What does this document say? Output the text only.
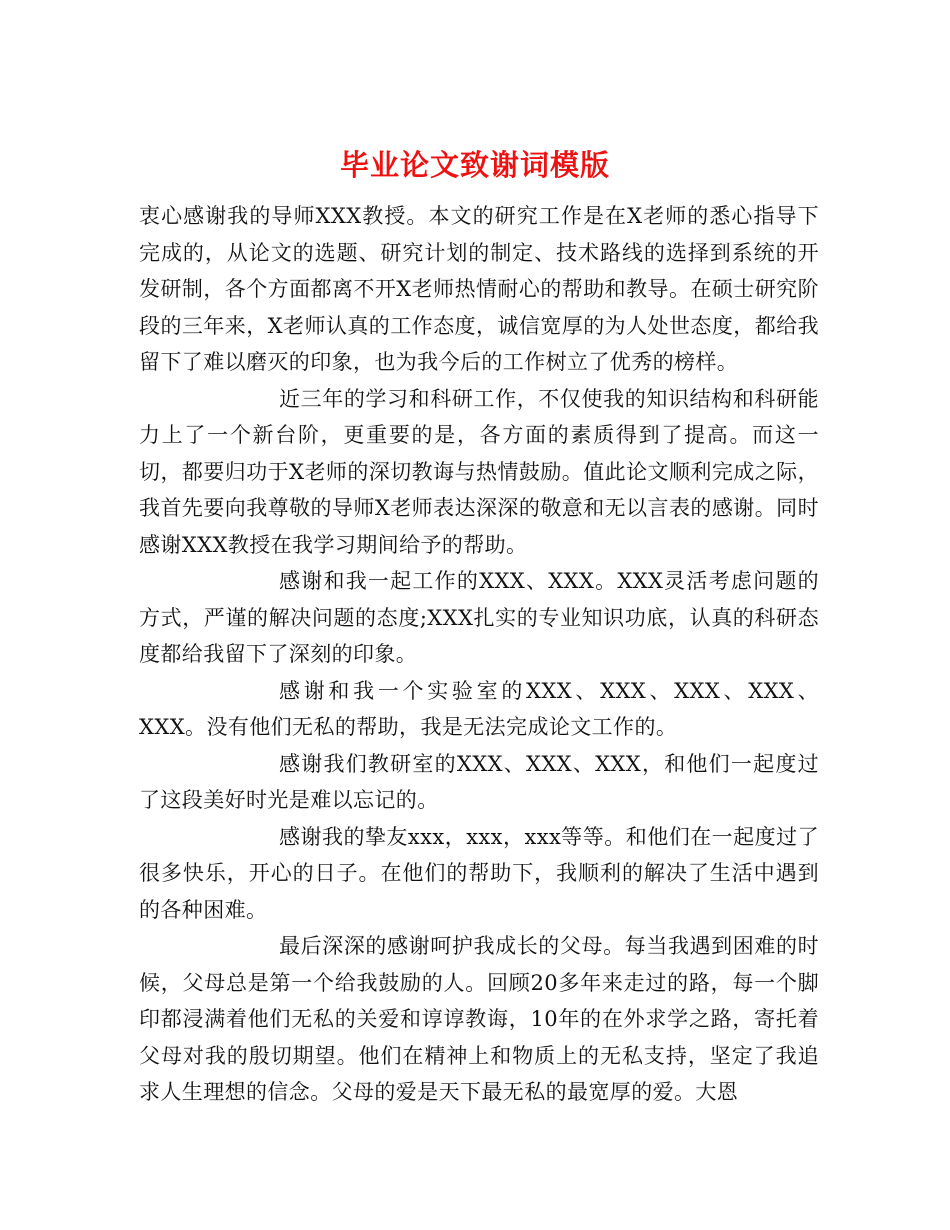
毕业论文致谢词模版

衷心感谢我的导师XXX教授。本文的研究工作是在X老师的悉心指导下完成的，从论文的选题、研究计划的制定、技术路线的选择到系统的开发研制，各个方面都离不开X老师热情耐心的帮助和教导。在硕士研究阶段的三年来，X老师认真的工作态度，诚信宽厚的为人处世态度，都给我留下了难以磨灭的印象，也为我今后的工作树立了优秀的榜样。

近三年的学习和科研工作，不仅使我的知识结构和科研能力上了一个新台阶，更重要的是，各方面的素质得到了提高。而这一切，都要归功于X老师的深切教诲与热情鼓励。值此论文顺利完成之际，我首先要向我尊敬的导师X老师表达深深的敬意和无以言表的感谢。同时感谢XXX教授在我学习期间给予的帮助。

感谢和我一起工作的XXX、XXX。XXX灵活考虑问题的方式，严谨的解决问题的态度;XXX扎实的专业知识功底，认真的科研态度都给我留下了深刻的印象。

感谢和我一个实验室的XXX、XXX、XXX、XXX、XXX。没有他们无私的帮助，我是无法完成论文工作的。

感谢我们教研室的XXX、XXX、XXX，和他们一起度过了这段美好时光是难以忘记的。

感谢我的挚友xxx，xxx，xxx等等。和他们在一起度过了很多快乐，开心的日子。在他们的帮助下，我顺利的解决了生活中遇到的各种困难。

最后深深的感谢呵护我成长的父母。每当我遇到困难的时候，父母总是第一个给我鼓励的人。回顾20多年来走过的路，每一个脚印都浸满着他们无私的关爱和谆谆教诲，10年的在外求学之路，寄托着父母对我的殷切期望。他们在精神上和物质上的无私支持，坚定了我追求人生理想的信念。父母的爱是天下最无私的最宽厚的爱。大恩
